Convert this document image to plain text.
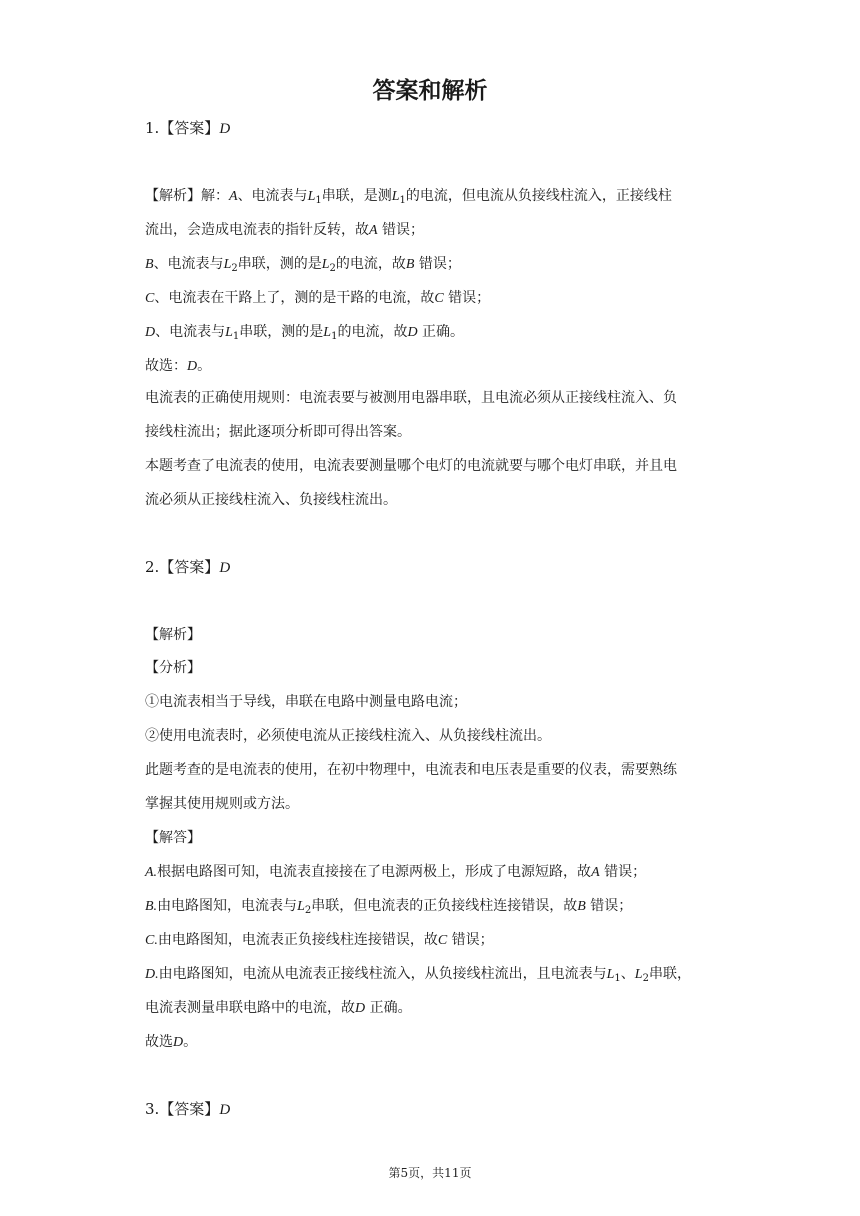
答案和解析
1.【答案】D
【解析】解：A、电流表与$L_1$串联，是测$L_1$的电流，但电流从负接线柱流入，正接线柱
流出，会造成电流表的指针反转，故A 错误；
B、电流表与$L_2$串联，测的是$L_2$的电流，故B 错误；
C、电流表在干路上了，测的是干路的电流，故C 错误；
D、电流表与$L_1$串联，测的是$L_1$的电流，故D 正确。
故选：D。
电流表的正确使用规则：电流表要与被测用电器串联，且电流必须从正接线柱流入、负
接线柱流出；据此逐项分析即可得出答案。
本题考查了电流表的使用，电流表要测量哪个电灯的电流就要与哪个电灯串联，并且电
流必须从正接线柱流入、负接线柱流出。
2.【答案】D
【解析】
【分析】
①电流表相当于导线，串联在电路中测量电路电流；
②使用电流表时，必须使电流从正接线柱流入、从负接线柱流出。
此题考查的是电流表的使用，在初中物理中，电流表和电压表是重要的仪表，需要熟练
掌握其使用规则或方法。
【解答】
A.根据电路图可知，电流表直接接在了电源两极上，形成了电源短路，故A 错误；
B.由电路图知，电流表与$L_2$串联，但电流表的正负接线柱连接错误，故B 错误；
C.由电路图知，电流表正负接线柱连接错误，故C 错误；
D.由电路图知，电流从电流表正接线柱流入，从负接线柱流出，且电流表与$L_1$、$L_2$串联，
电流表测量串联电路中的电流，故D 正确。
故选D。
3.【答案】D
第5页，共11页
